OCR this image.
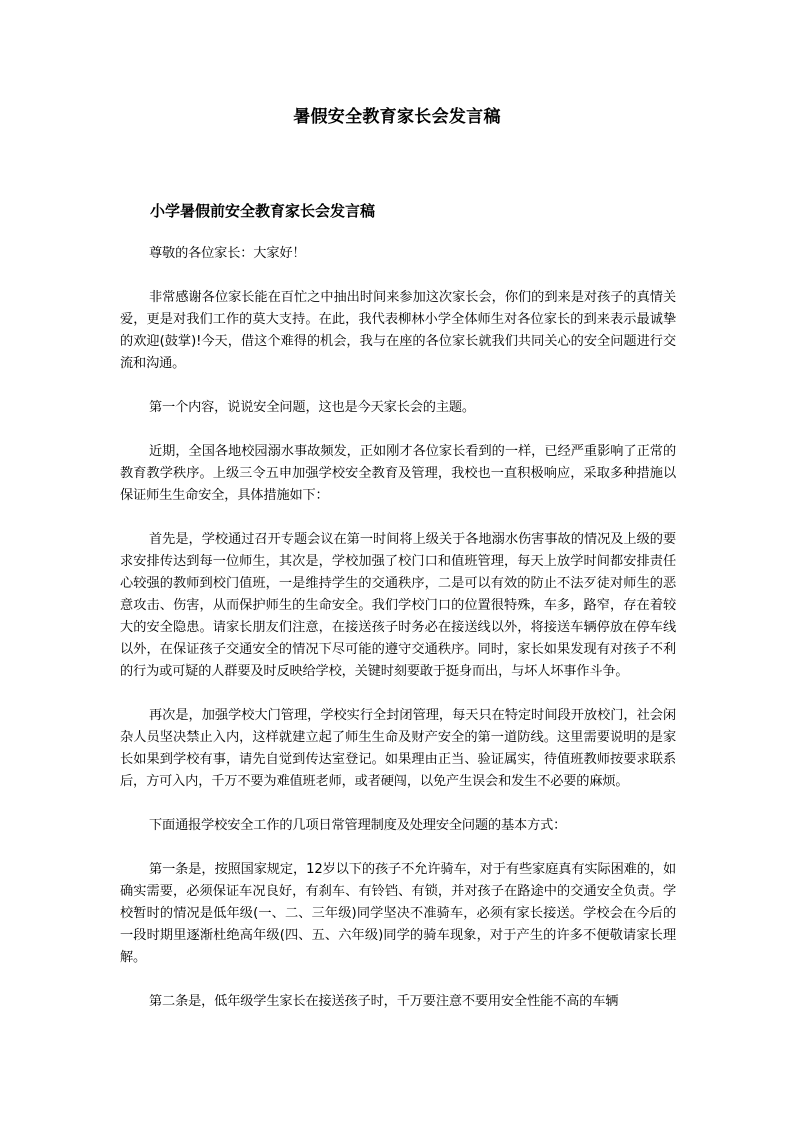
暑假安全教育家长会发言稿
小学暑假前安全教育家长会发言稿

尊敬的各位家长：大家好！

非常感谢各位家长能在百忙之中抽出时间来参加这次家长会，你们的到来是对孩子的真情关爱，更是对我们工作的莫大支持。在此，我代表柳林小学全体师生对各位家长的到来表示最诚挚的欢迎(鼓掌)!今天，借这个难得的机会，我与在座的各位家长就我们共同关心的安全问题进行交流和沟通。

第一个内容，说说安全问题，这也是今天家长会的主题。

近期，全国各地校园溺水事故频发，正如刚才各位家长看到的一样，已经严重影响了正常的教育教学秩序。上级三令五申加强学校安全教育及管理，我校也一直积极响应，采取多种措施以保证师生生命安全，具体措施如下：

首先是，学校通过召开专题会议在第一时间将上级关于各地溺水伤害事故的情况及上级的要求安排传达到每一位师生，其次是，学校加强了校门口和值班管理，每天上放学时间都安排责任心较强的教师到校门值班，一是维持学生的交通秩序，二是可以有效的防止不法歹徒对师生的恶意攻击、伤害，从而保护师生的生命安全。我们学校门口的位置很特殊，车多，路窄，存在着较大的安全隐患。请家长朋友们注意，在接送孩子时务必在接送线以外，将接送车辆停放在停车线以外，在保证孩子交通安全的情况下尽可能的遵守交通秩序。同时，家长如果发现有对孩子不利的行为或可疑的人群要及时反映给学校，关键时刻要敢于挺身而出，与坏人坏事作斗争。

再次是，加强学校大门管理，学校实行全封闭管理，每天只在特定时间段开放校门，社会闲杂人员坚决禁止入内，这样就建立起了师生生命及财产安全的第一道防线。这里需要说明的是家长如果到学校有事，请先自觉到传达室登记。如果理由正当、验证属实，待值班教师按要求联系后，方可入内，千万不要为难值班老师，或者硬闯，以免产生误会和发生不必要的麻烦。

下面通报学校安全工作的几项日常管理制度及处理安全问题的基本方式：

第一条是，按照国家规定，12岁以下的孩子不允许骑车，对于有些家庭真有实际困难的，如确实需要，必须保证车况良好，有刹车、有铃铛、有锁，并对孩子在路途中的交通安全负责。学校暂时的情况是低年级(一、二、三年级)同学坚决不准骑车，必须有家长接送。学校会在今后的一段时期里逐渐杜绝高年级(四、五、六年级)同学的骑车现象，对于产生的许多不便敬请家长理解。

第二条是，低年级学生家长在接送孩子时，千万要注意不要用安全性能不高的车辆
